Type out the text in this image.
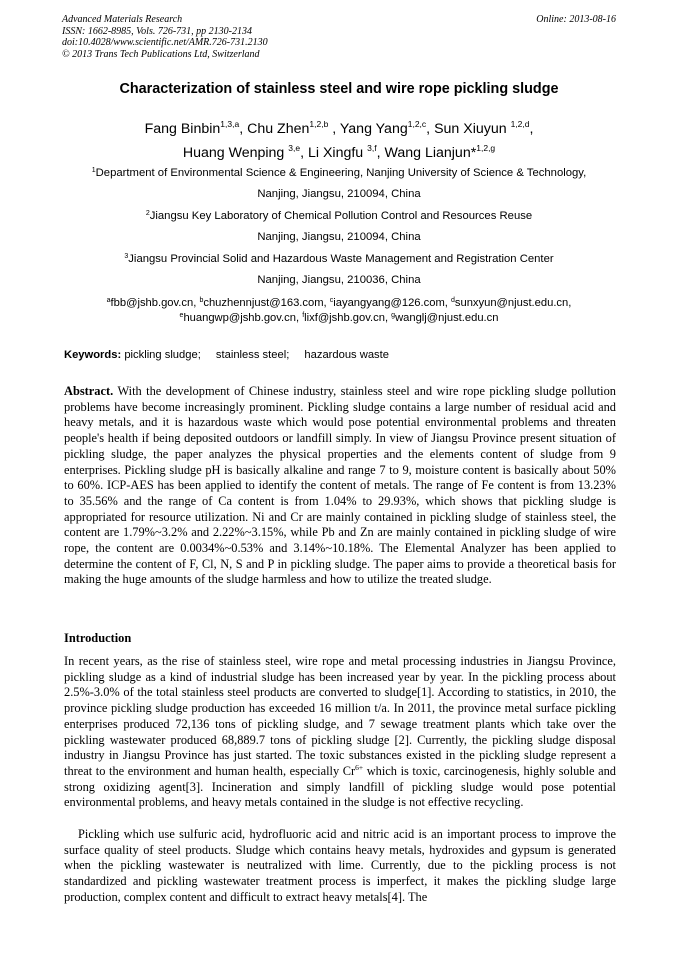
Advanced Materials Research
ISSN: 1662-8985, Vols. 726-731, pp 2130-2134
doi:10.4028/www.scientific.net/AMR.726-731.2130
© 2013 Trans Tech Publications Ltd, Switzerland
Online: 2013-08-16
Characterization of stainless steel and wire rope pickling sludge
Fang Binbin$^{1,3,a}$, Chu Zhen$^{1,2,b}$ , Yang Yang$^{1,2,c}$, Sun Xiuyun $^{1,2,d}$,
Huang Wenping $^{3,e}$, Li Xingfu $^{3,f}$, Wang Lianjun*$^{1,2,g}$
$^1$Department of Environmental Science & Engineering, Nanjing University of Science & Technology,
Nanjing, Jiangsu, 210094, China
$^2$Jiangsu Key Laboratory of Chemical Pollution Control and Resources Reuse
Nanjing, Jiangsu, 210094, China
$^3$Jiangsu Provincial Solid and Hazardous Waste Management and Registration Center
Nanjing, Jiangsu, 210036, China
$^a$fbb@jshb.gov.cn, $^b$chuzhennjust@163.com, $^c$iayangyang@126.com, $^d$sunxyun@njust.edu.cn,
$^e$huangwp@jshb.gov.cn, $^f$lixf@jshb.gov.cn, $^g$wanglj@njust.edu.cn
Keywords: pickling sludge; stainless steel; hazardous waste
Abstract. With the development of Chinese industry, stainless steel and wire rope pickling sludge pollution problems have become increasingly prominent. Pickling sludge contains a large number of residual acid and heavy metals, and it is hazardous waste which would pose potential environmental problems and threaten people's health if being deposited outdoors or landfill simply. In view of Jiangsu Province present situation of pickling sludge, the paper analyzes the physical properties and the elements content of sludge from 9 enterprises. Pickling sludge pH is basically alkaline and range 7 to 9, moisture content is basically about 50% to 60%. ICP-AES has been applied to identify the content of metals. The range of Fe content is from 13.23% to 35.56% and the range of Ca content is from 1.04% to 29.93%, which shows that pickling sludge is appropriated for resource utilization. Ni and Cr are mainly contained in pickling sludge of stainless steel, the content are 1.79%~3.2% and 2.22%~3.15%, while Pb and Zn are mainly contained in pickling sludge of wire rope, the content are 0.0034%~0.53% and 3.14%~10.18%. The Elemental Analyzer has been applied to determine the content of F, Cl, N, S and P in pickling sludge. The paper aims to provide a theoretical basis for making the huge amounts of the sludge harmless and how to utilize the treated sludge.
Introduction
In recent years, as the rise of stainless steel, wire rope and metal processing industries in Jiangsu Province, pickling sludge as a kind of industrial sludge has been increased year by year. In the pickling process about 2.5%-3.0% of the total stainless steel products are converted to sludge[1]. According to statistics, in 2010, the province pickling sludge production has exceeded 16 million t/a. In 2011, the province metal surface pickling enterprises produced 72,136 tons of pickling sludge, and 7 sewage treatment plants which take over the pickling wastewater produced 68,889.7 tons of pickling sludge [2]. Currently, the pickling sludge disposal industry in Jiangsu Province has just started. The toxic substances existed in the pickling sludge represent a threat to the environment and human health, especially $Cr^{6+}$ which is toxic, carcinogenesis, highly soluble and strong oxidizing agent[3]. Incineration and simply landfill of pickling sludge would pose potential environmental problems, and heavy metals contained in the sludge is not effective recycling.
Pickling which use sulfuric acid, hydrofluoric acid and nitric acid is an important process to improve the surface quality of steel products. Sludge which contains heavy metals, hydroxides and gypsum is generated when the pickling wastewater is neutralized with lime. Currently, due to the pickling process is not standardized and pickling wastewater treatment process is imperfect, it makes the pickling sludge large production, complex content and difficult to extract heavy metals[4]. The
